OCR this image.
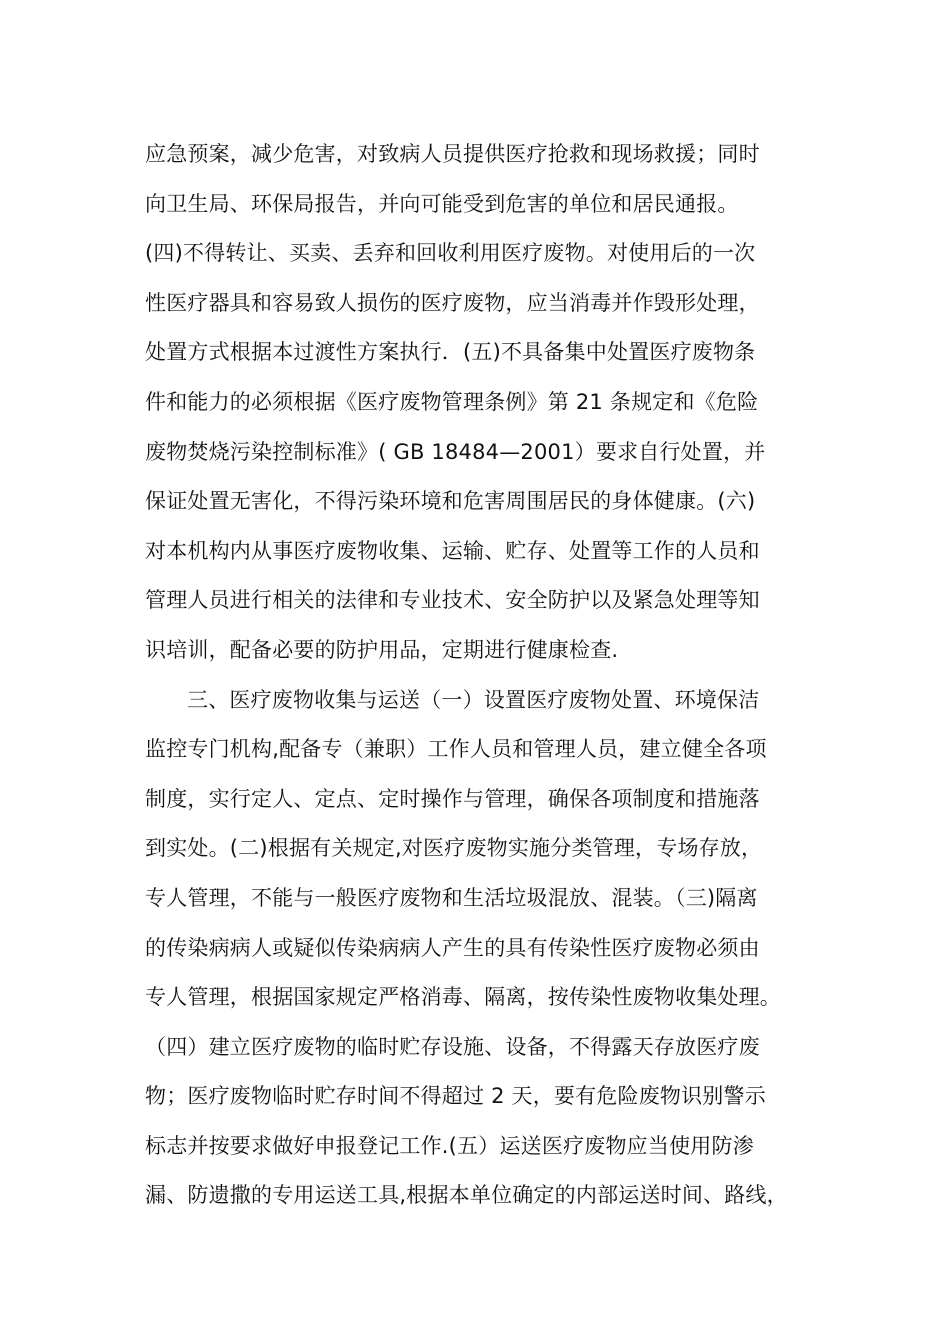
应急预案，减少危害，对致病人员提供医疗抢救和现场救援；同时
向卫生局、环保局报告，并向可能受到危害的单位和居民通报。
(四)不得转让、买卖、丢弃和回收利用医疗废物。对使用后的一次
性医疗器具和容易致人损伤的医疗废物，应当消毒并作毁形处理，
处置方式根据本过渡性方案执行．(五)不具备集中处置医疗废物条
件和能力的必须根据《医疗废物管理条例》第 21 条规定和《危险
废物焚烧污染控制标准》( GB 18484—2001）要求自行处置，并
保证处置无害化，不得污染环境和危害周围居民的身体健康。(六)
对本机构内从事医疗废物收集、运输、贮存、处置等工作的人员和
管理人员进行相关的法律和专业技术、安全防护以及紧急处理等知
识培训，配备必要的防护用品，定期进行健康检查.
三、医疗废物收集与运送（一）设置医疗废物处置、环境保洁
监控专门机构,配备专（兼职）工作人员和管理人员，建立健全各项
制度，实行定人、定点、定时操作与管理，确保各项制度和措施落
到实处。(二)根据有关规定,对医疗废物实施分类管理，专场存放，
专人管理，不能与一般医疗废物和生活垃圾混放、混装。（三)隔离
的传染病病人或疑似传染病病人产生的具有传染性医疗废物必须由
专人管理，根据国家规定严格消毒、隔离，按传染性废物收集处理。
（四）建立医疗废物的临时贮存设施、设备，不得露天存放医疗废
物；医疗废物临时贮存时间不得超过 2 天，要有危险废物识别警示
标志并按要求做好申报登记工作.(五）运送医疗废物应当使用防渗
漏、防遗撒的专用运送工具,根据本单位确定的内部运送时间、路线，
